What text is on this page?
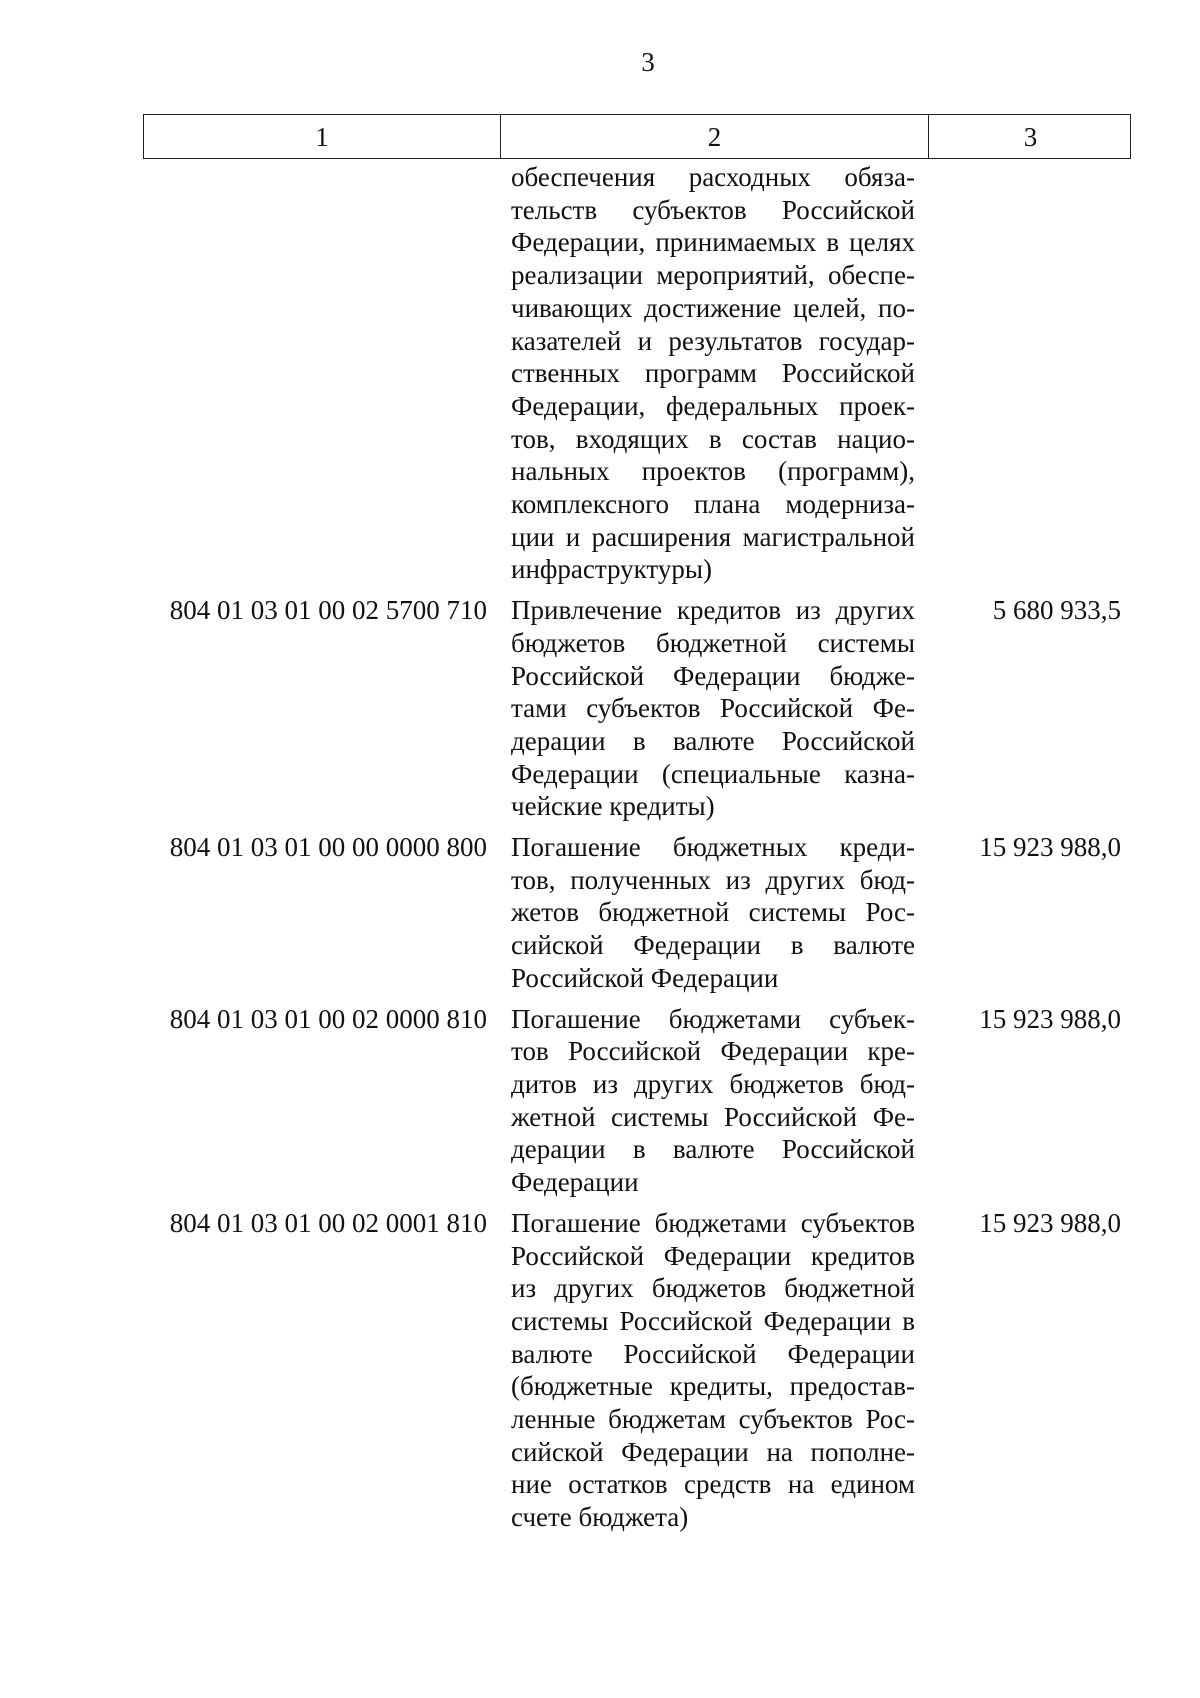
3
1	2	3
обеспечения расходных обяза-
тельств субъектов Российской
Федерации, принимаемых в целях
реализации мероприятий, обеспе-
чивающих достижение целей, по-
казателей и результатов государ-
ственных программ Российской
Федерации, федеральных проек-
тов, входящих в состав нацио-
нальных проектов (программ),
комплексного плана модерниза-
ции и расширения магистральной
инфраструктуры)
804 01 03 01 00 02 5700 710 Привлечение кредитов из других
бюджетов бюджетной системы
Российской Федерации бюдже-
тами субъектов Российской Фе-
дерации в валюте Российской
Федерации (специальные казна-
чейские кредиты)
5 680 933,5
804 01 03 01 00 00 0000 800 Погашение бюджетных креди-
тов, полученных из других бюд-
жетов бюджетной системы Рос-
сийской Федерации в валюте
Российской Федерации
15 923 988,0
804 01 03 01 00 02 0000 810 Погашение бюджетами субъек-
тов Российской Федерации кре-
дитов из других бюджетов бюд-
жетной системы Российской Фе-
дерации в валюте Российской
Федерации
15 923 988,0
804 01 03 01 00 02 0001 810 Погашение бюджетами субъектов
Российской Федерации кредитов
из других бюджетов бюджетной
системы Российской Федерации в
валюте Российской Федерации
(бюджетные кредиты, предостав-
ленные бюджетам субъектов Рос-
сийской Федерации на пополне-
ние остатков средств на едином
счете бюджета)
15 923 988,0
